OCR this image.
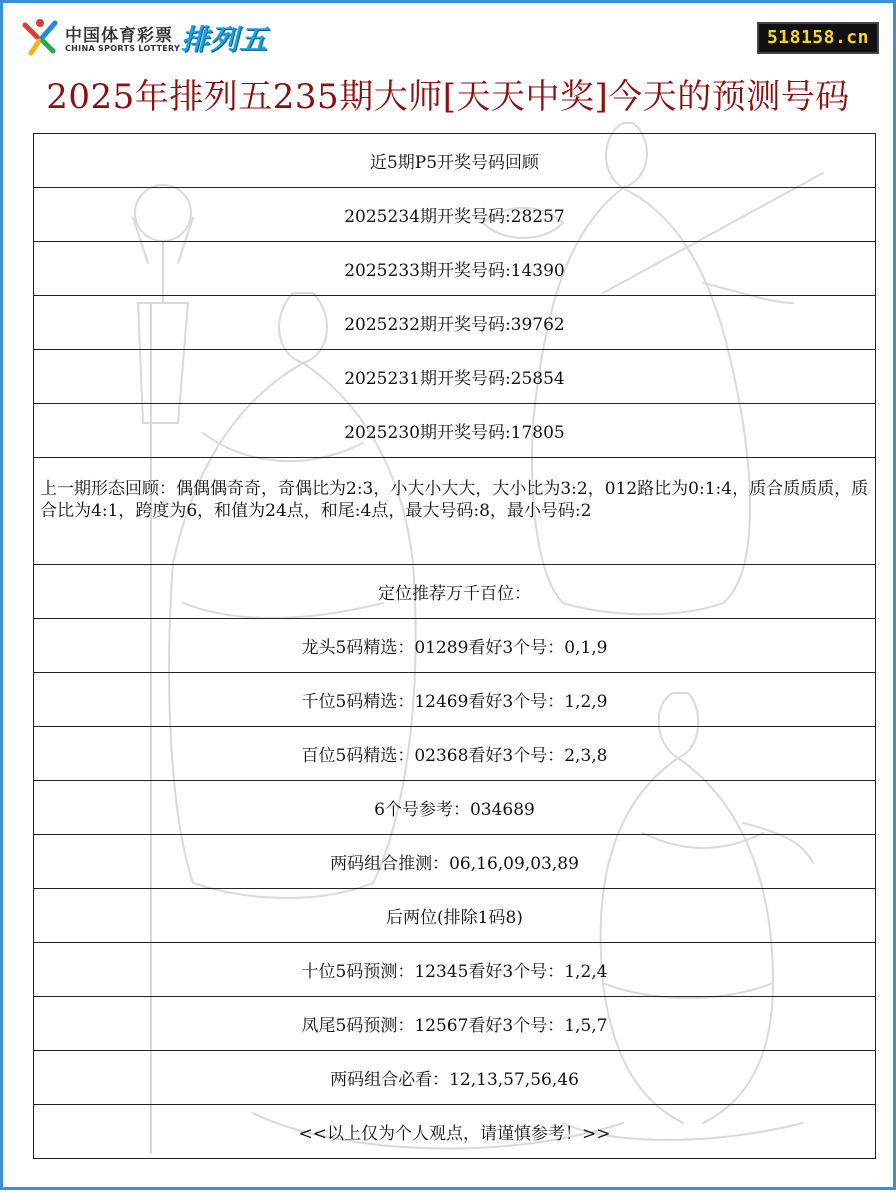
中国体育彩票
CHINA SPORTS LOTTERY 排列五	518158.cn
2025年排列五235期大师[天天中奖]今天的预测号码
近5期P5开奖号码回顾
2025234期开奖号码:28257
2025233期开奖号码:14390
2025232期开奖号码:39762
2025231期开奖号码:25854
2025230期开奖号码:17805
上一期形态回顾：偶偶偶奇奇，奇偶比为2:3，小大小大大，大小比为3:2，012路比为0:1:4，质合质质质，质合比为4:1，跨度为6，和值为24点，和尾:4点，最大号码:8，最小号码:2
定位推荐万千百位：
龙头5码精选：01289看好3个号：0,1,9
千位5码精选：12469看好3个号：1,2,9
百位5码精选：02368看好3个号：2,3,8
6个号参考：034689
两码组合推测：06,16,09,03,89
后两位(排除1码8)
十位5码预测：12345看好3个号：1,2,4
凤尾5码预测：12567看好3个号：1,5,7
两码组合必看：12,13,57,56,46
<<以上仅为个人观点，请谨慎参考！>>
